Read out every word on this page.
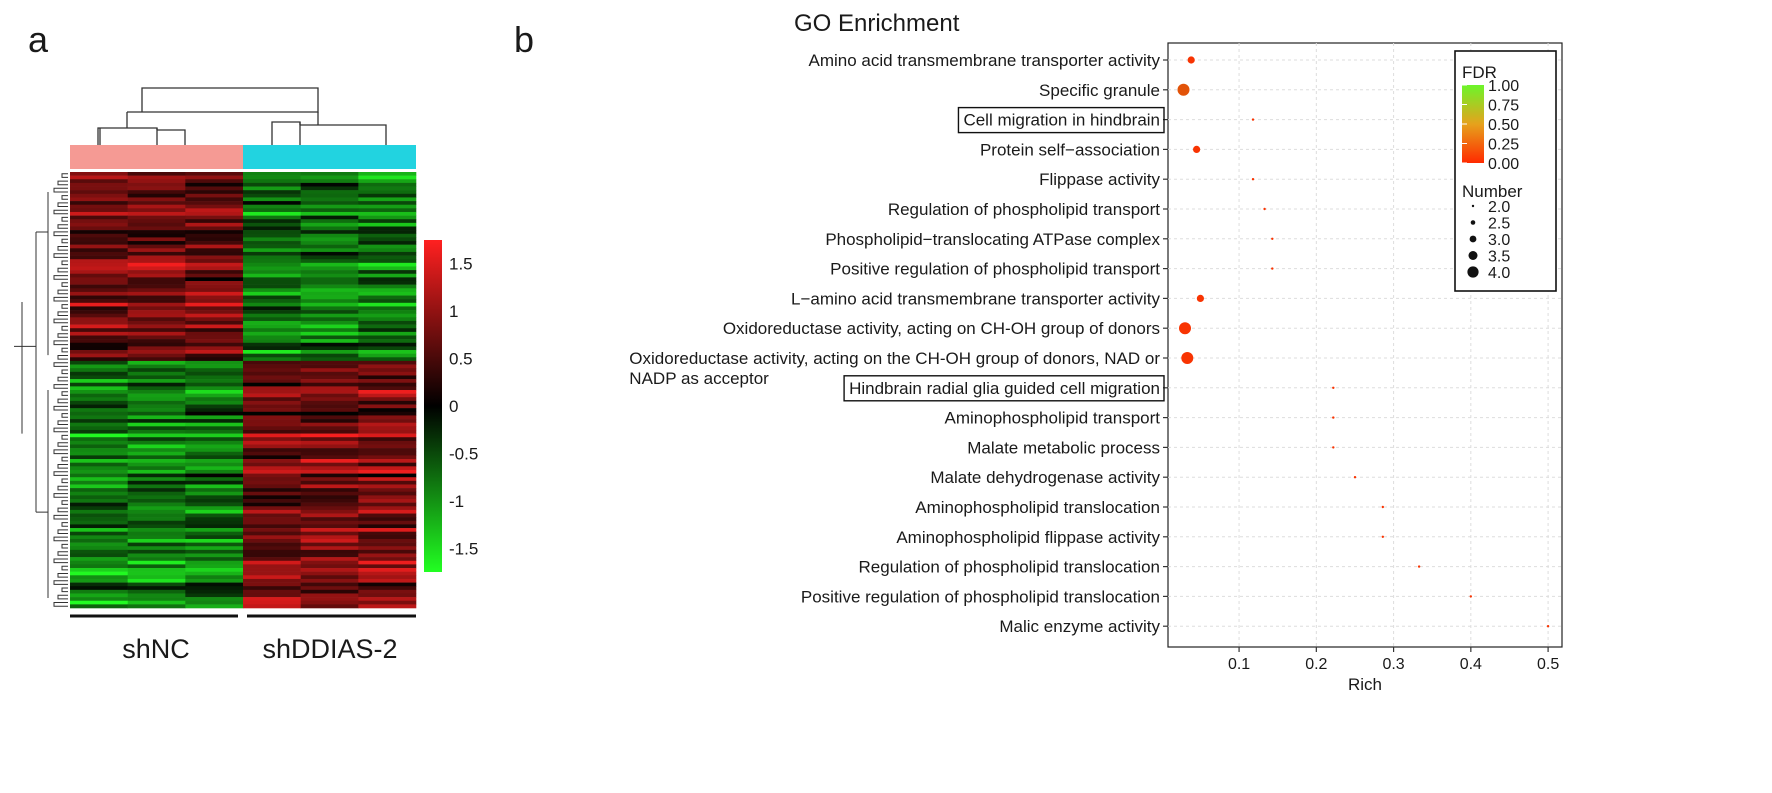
a	b
1.5
1
0.5
0
-0.5
-1
-1.5
shNC	shDDIAS-2
GO Enrichment
Amino acid transmembrane transporter activity
Specific granule
Cell migration in hindbrain
Protein self−association
Flippase activity
Regulation of phospholipid transport
Phospholipid−translocating ATPase complex
Positive regulation of phospholipid transport
L−amino acid transmembrane transporter activity
Oxidoreductase activity, acting on CH-OH group of donors
Oxidoreductase activity, acting on the CH-OH group of donors, NAD or
NADP as acceptor
Hindbrain radial glia guided cell migration
Aminophospholipid transport
Malate metabolic process
Malate dehydrogenase activity
Aminophospholipid translocation
Aminophospholipid flippase activity
Regulation of phospholipid translocation
Positive regulation of phospholipid translocation
Malic enzyme activity
0.1	0.2	0.3	0.4	0.5
Rich
FDR
1.00
0.75
0.50
0.25
0.00
Number
2.0
2.5
3.0
3.5
4.0
